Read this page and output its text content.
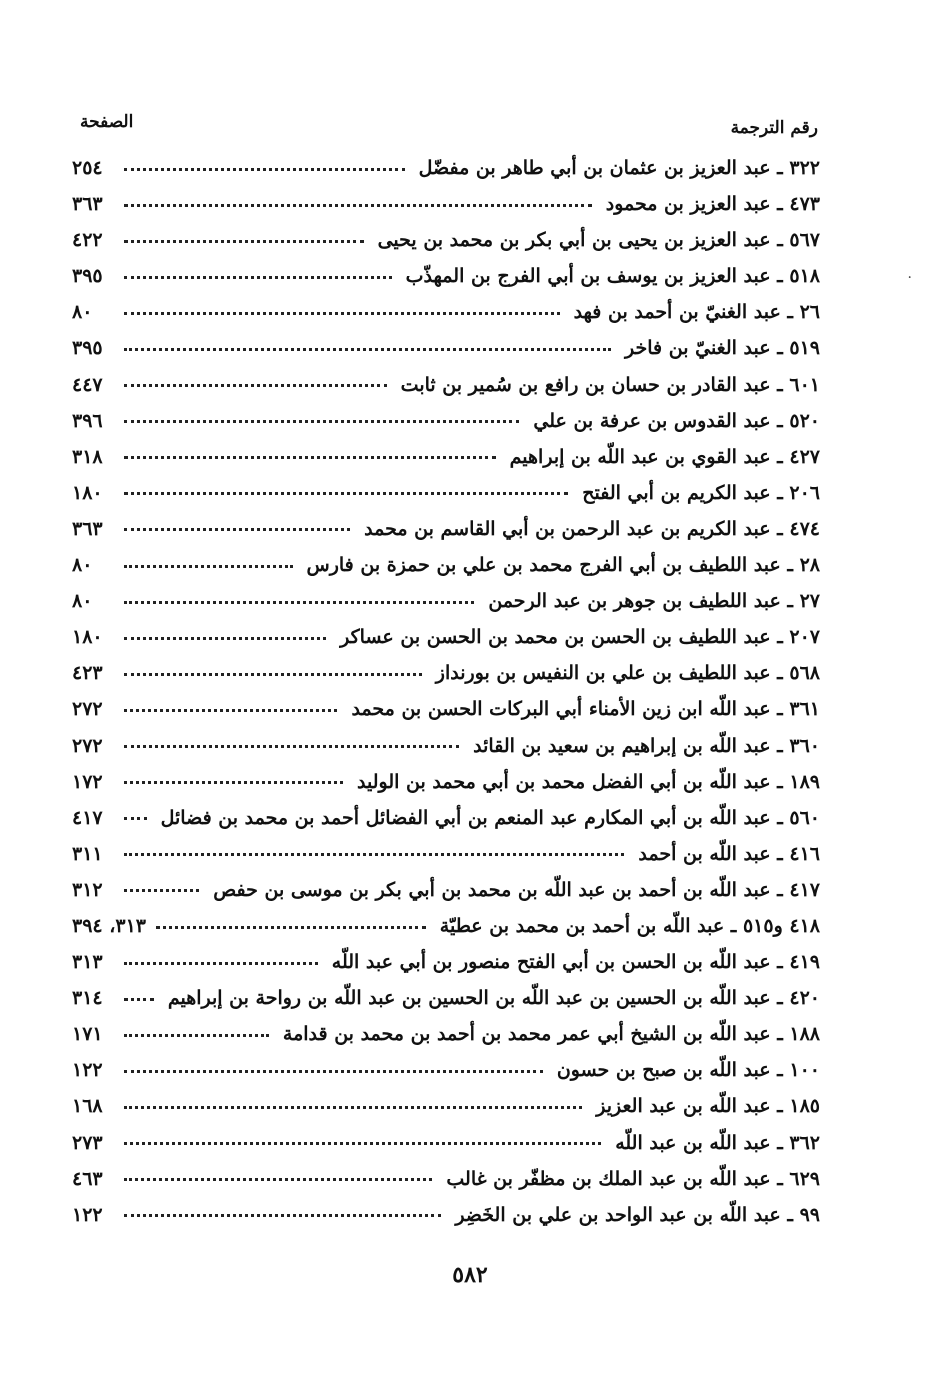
رقم الترجمة
الصفحة
٣٢٢ ـ عبد العزيز بن عثمان بن أبي طاهر بن مفضّل
٢٥٤
٤٧٣ ـ عبد العزيز بن محمود
٣٦٣
٥٦٧ ـ عبد العزيز بن يحيى بن أبي بكر بن محمد بن يحيى
٤٢٢
٥١٨ ـ عبد العزيز بن يوسف بن أبي الفرج بن المهذّب
٣٩٥
٢٦ ـ عبد الغنيّ بن أحمد بن فهد
٨٠
٥١٩ ـ عبد الغنيّ بن فاخر
٣٩٥
٦٠١ ـ عبد القادر بن حسان بن رافع بن سُمير بن ثابت
٤٤٧
٥٢٠ ـ عبد القدوس بن عرفة بن علي
٣٩٦
٤٢٧ ـ عبد القوي بن عبد اللّه بن إبراهيم
٣١٨
٢٠٦ ـ عبد الكريم بن أبي الفتح
١٨٠
٤٧٤ ـ عبد الكريم بن عبد الرحمن بن أبي القاسم بن محمد
٣٦٣
٢٨ ـ عبد اللطيف بن أبي الفرج محمد بن علي بن حمزة بن فارس
٨٠
٢٧ ـ عبد اللطيف بن جوهر بن عبد الرحمن
٨٠
٢٠٧ ـ عبد اللطيف بن الحسن بن محمد بن الحسن بن عساكر
١٨٠
٥٦٨ ـ عبد اللطيف بن علي بن النفيس بن بورنداز
٤٢٣
٣٦١ ـ عبد اللّه ابن زين الأمناء أبي البركات الحسن بن محمد
٢٧٢
٣٦٠ ـ عبد اللّه بن إبراهيم بن سعيد بن القائد
٢٧٢
١٨٩ ـ عبد اللّه بن أبي الفضل محمد بن أبي محمد بن الوليد
١٧٢
٥٦٠ ـ عبد اللّه بن أبي المكارم عبد المنعم بن أبي الفضائل أحمد بن محمد بن فضائل
٤١٧
٤١٦ ـ عبد اللّه بن أحمد
٣١١
٤١٧ ـ عبد اللّه بن أحمد بن عبد اللّه بن محمد بن أبي بكر بن موسى بن حفص
٣١٢
٤١٨ و٥١٥ ـ عبد اللّه بن أحمد بن محمد بن عطيّة
٣١٣، ٣٩٤
٤١٩ ـ عبد اللّه بن الحسن بن أبي الفتح منصور بن أبي عبد اللّه
٣١٣
٤٢٠ ـ عبد اللّه بن الحسين بن عبد اللّه بن الحسين بن عبد اللّه بن رواحة بن إبراهيم
٣١٤
١٨٨ ـ عبد اللّه بن الشيخ أبي عمر محمد بن أحمد بن محمد بن قدامة
١٧١
١٠٠ ـ عبد اللّه بن صبح بن حسون
١٢٢
١٨٥ ـ عبد اللّه بن عبد العزيز
١٦٨
٣٦٢ ـ عبد اللّه بن عبد اللّه
٢٧٣
٦٢٩ ـ عبد اللّه بن عبد الملك بن مظفّر بن غالب
٤٦٣
٩٩ ـ عبد اللّه بن عبد الواحد بن علي بن الخَضِر
١٢٢
·
٥٨٢
